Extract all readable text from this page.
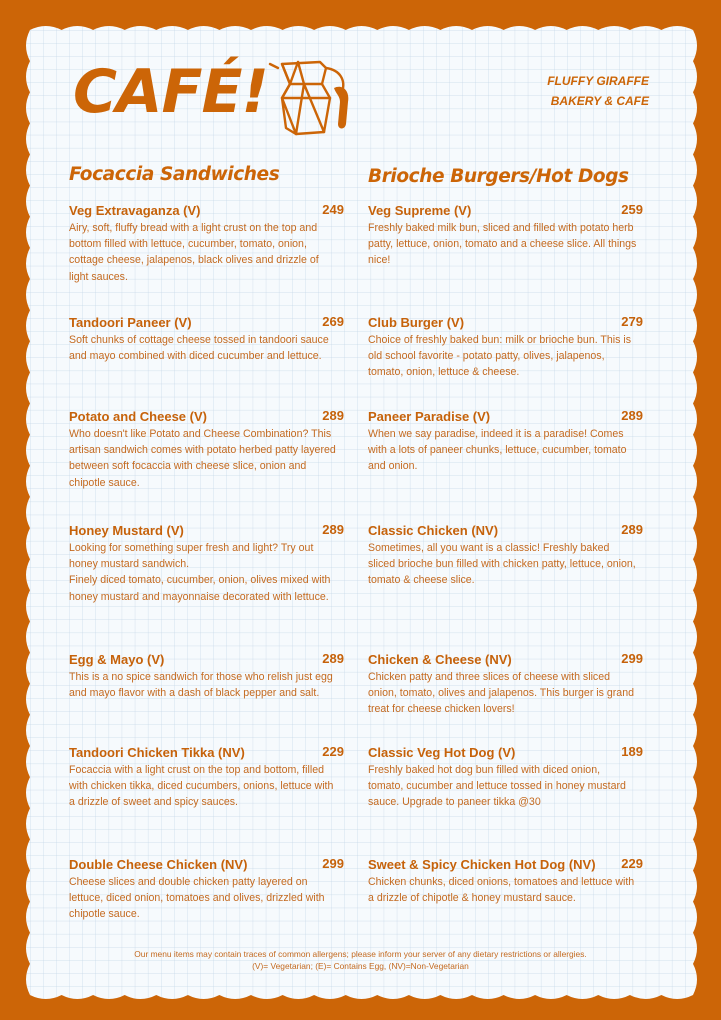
CAFÉ!	FLUFFY GIRAFFE
BAKERY & CAFE
Focaccia Sandwiches	Brioche Burgers/Hot Dogs
Veg Extravaganza (V)	249
Airy, soft, fluffy bread with a light crust on the top and bottom filled with lettuce, cucumber, tomato, onion, cottage cheese, jalapenos, black olives and drizzle of light sauces.
Tandoori Paneer (V)	269
Soft chunks of cottage cheese tossed in tandoori sauce and mayo combined with diced cucumber and lettuce.
Potato and Cheese (V)	289
Who doesn't like Potato and Cheese Combination? This artisan sandwich comes with potato herbed patty layered between soft focaccia with cheese slice, onion and chipotle sauce.
Honey Mustard (V)	289
Looking for something super fresh and light? Try out honey mustard sandwich.
Finely diced tomato, cucumber, onion, olives mixed with honey mustard and mayonnaise decorated with lettuce.
Egg & Mayo (V)	289
This is a no spice sandwich for those who relish just egg and mayo flavor with a dash of black pepper and salt.
Tandoori Chicken Tikka (NV)	229
Focaccia with a light crust on the top and bottom, filled with chicken tikka, diced cucumbers, onions, lettuce with a drizzle of sweet and spicy sauces.
Double Cheese Chicken (NV)	299
Cheese slices and double chicken patty layered on lettuce, diced onion, tomatoes and olives, drizzled with chipotle sauce.
Veg Supreme (V)	259
Freshly baked milk bun, sliced and filled with potato herb patty, lettuce, onion, tomato and a cheese slice. All things nice!
Club Burger (V)	279
Choice of freshly baked bun: milk or brioche bun. This is old school favorite - potato patty, olives, jalapenos, tomato, onion, lettuce & cheese.
Paneer Paradise (V)	289
When we say paradise, indeed it is a paradise! Comes with a lots of paneer chunks, lettuce, cucumber, tomato and onion.
Classic Chicken (NV)	289
Sometimes, all you want is a classic! Freshly baked sliced brioche bun filled with chicken patty, lettuce, onion, tomato & cheese slice.
Chicken & Cheese (NV)	299
Chicken patty and three slices of cheese with sliced onion, tomato, olives and jalapenos. This burger is grand treat for cheese chicken lovers!
Classic Veg Hot Dog (V)	189
Freshly baked hot dog bun filled with diced onion, tomato, cucumber and lettuce tossed in honey mustard sauce. Upgrade to paneer tikka @30
Sweet & Spicy Chicken Hot Dog (NV) 229
Chicken chunks, diced onions, tomatoes and lettuce with a drizzle of chipotle & honey mustard sauce.
Our menu items may contain traces of common allergens; please inform your server of any dietary restrictions or allergies.
(V)= Vegetarian; (E)= Contains Egg, (NV)=Non-Vegetarian
